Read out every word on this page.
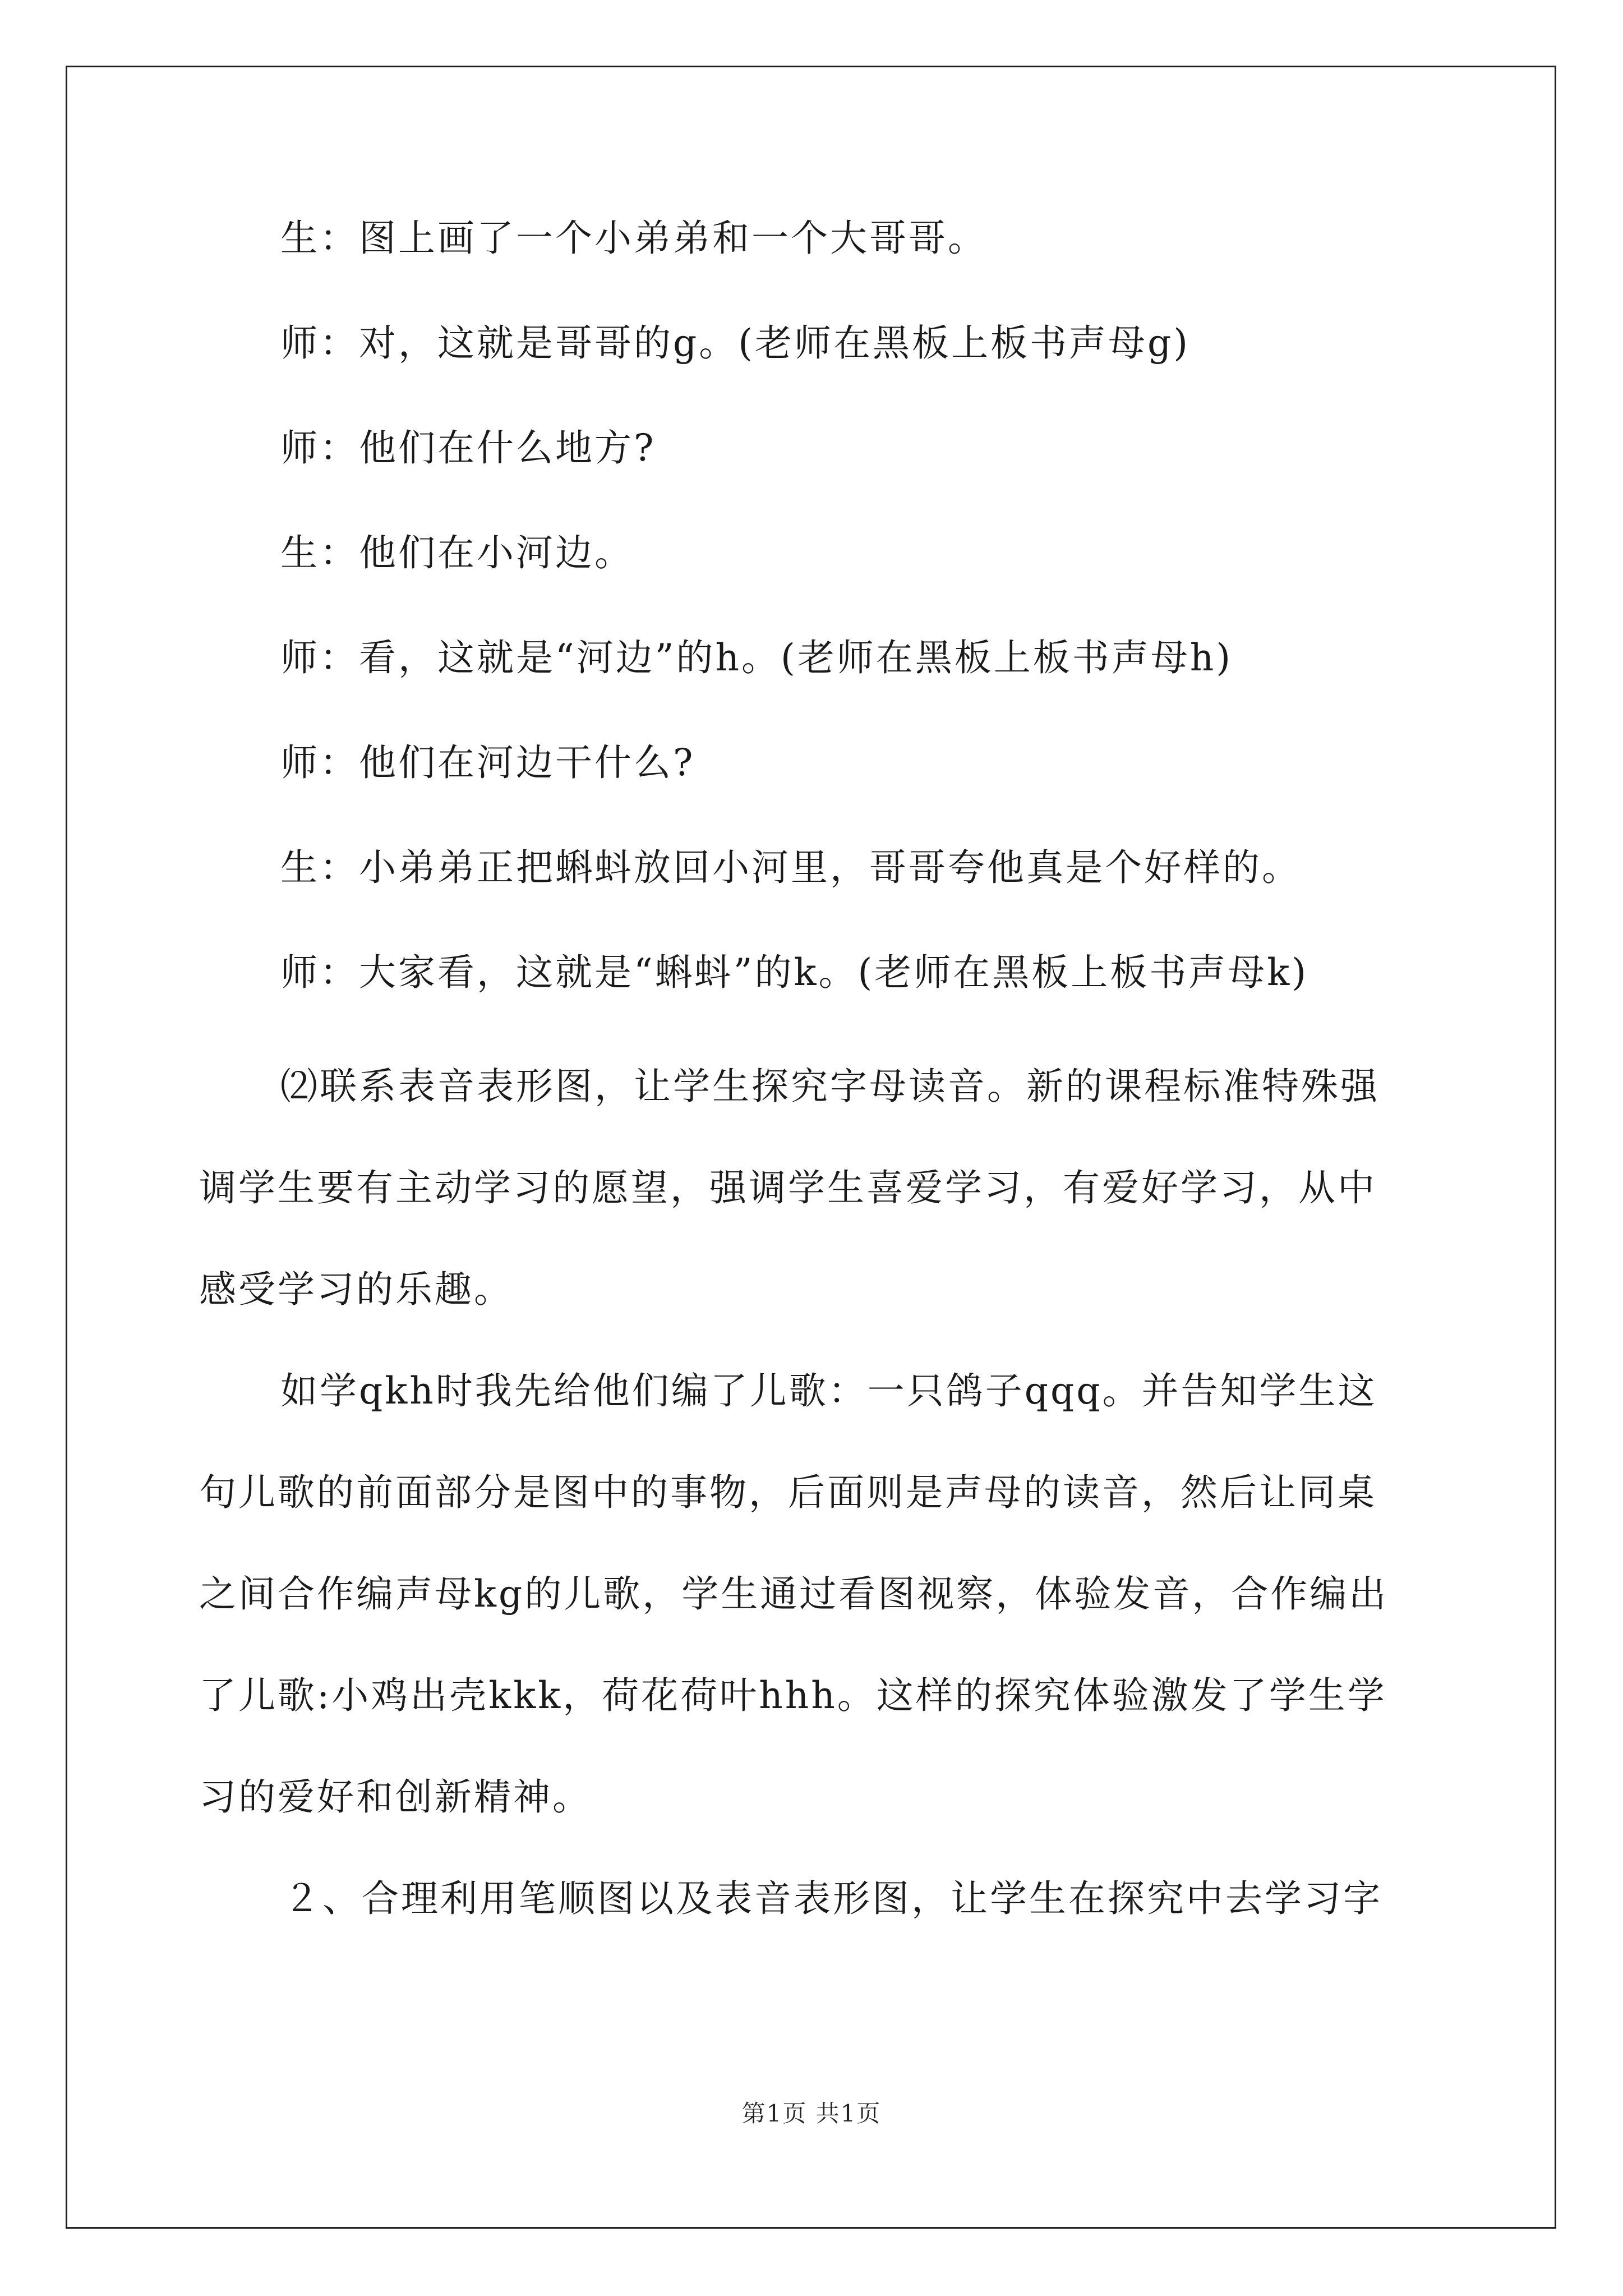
生：图上画了一个小弟弟和一个大哥哥。
师：对，这就是哥哥的g。(老师在黑板上板书声母g)
师：他们在什么地方?
生：他们在小河边。
师：看，这就是“河边”的h。(老师在黑板上板书声母h)
师：他们在河边干什么?
生：小弟弟正把蝌蚪放回小河里，哥哥夸他真是个好样的。
师：大家看，这就是“蝌蚪”的k。(老师在黑板上板书声母k)
⑵联系表音表形图，让学生探究字母读音。新的课程标准特殊强
调学生要有主动学习的愿望，强调学生喜爱学习，有爱好学习，从中
感受学习的乐趣。
如学qkh时我先给他们编了儿歌：一只鸽子qqq。并告知学生这
句儿歌的前面部分是图中的事物，后面则是声母的读音，然后让同桌
之间合作编声母kg的儿歌，学生通过看图视察，体验发音，合作编出
了儿歌:小鸡出壳kkk，荷花荷叶hhh。这样的探究体验激发了学生学
习的爱好和创新精神。
２、合理利用笔顺图以及表音表形图，让学生在探究中去学习字
第1页 共1页
